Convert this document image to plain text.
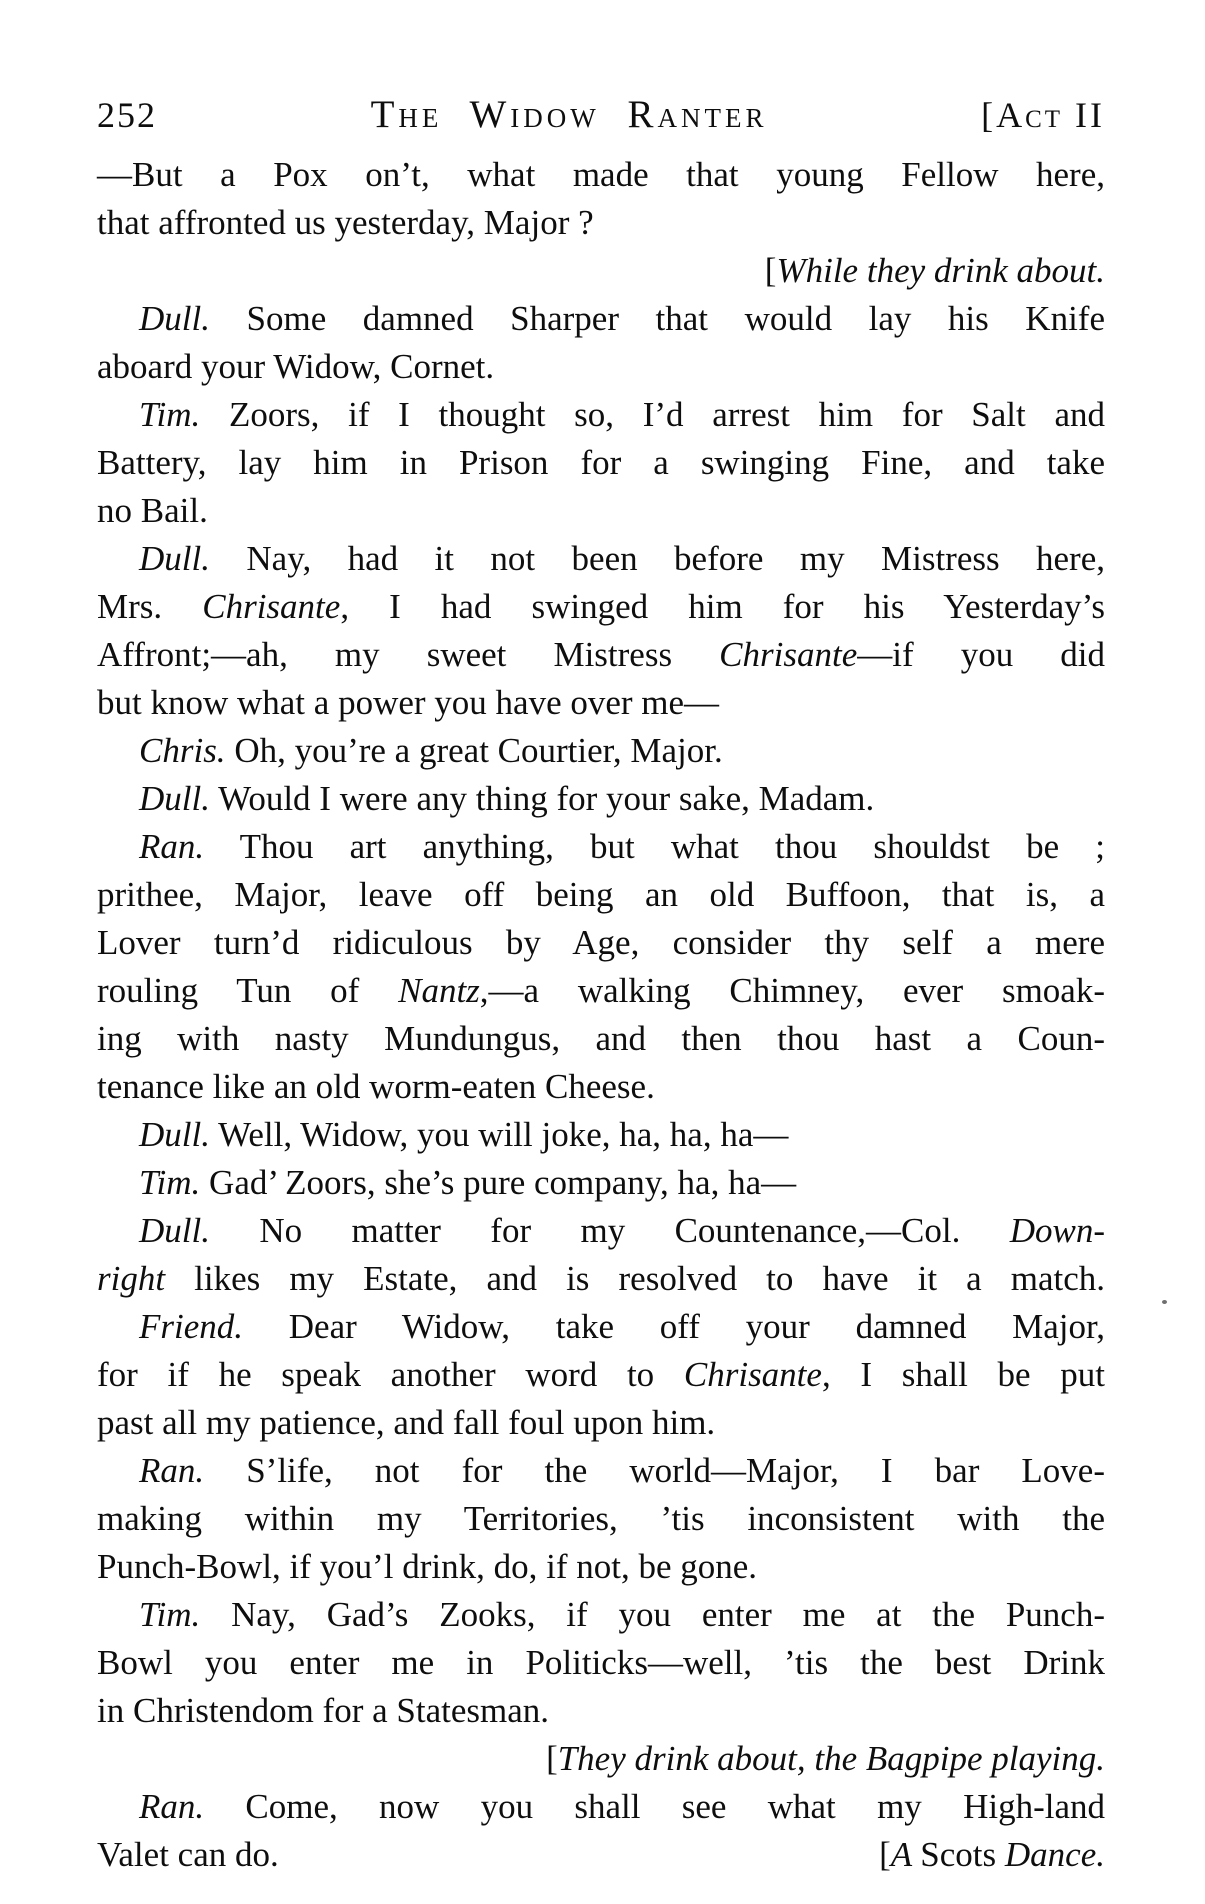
252	The Widow Ranter	[Act II
—But a Pox on’t, what made that young Fellow here,
that affronted us yesterday, Major ?
[While they drink about.
Dull. Some damned Sharper that would lay his Knife
aboard your Widow, Cornet.
Tim. Zoors, if I thought so, I’d arrest him for Salt and
Battery, lay him in Prison for a swinging Fine, and take
no Bail.
Dull. Nay, had it not been before my Mistress here,
Mrs. Chrisante, I had swinged him for his Yesterday’s
Affront;—ah, my sweet Mistress Chrisante—if you did
but know what a power you have over me—
Chris. Oh, you’re a great Courtier, Major.
Dull. Would I were any thing for your sake, Madam.
Ran. Thou art anything, but what thou shouldst be ;
prithee, Major, leave off being an old Buffoon, that is, a
Lover turn’d ridiculous by Age, consider thy self a mere
rouling Tun of Nantz,—a walking Chimney, ever smoak-
ing with nasty Mundungus, and then thou hast a Coun-
tenance like an old worm-eaten Cheese.
Dull. Well, Widow, you will joke, ha, ha, ha—
Tim. Gad’ Zoors, she’s pure company, ha, ha—
Dull. No matter for my Countenance,—Col. Down-
right likes my Estate, and is resolved to have it a match.
Friend. Dear Widow, take off your damned Major,
for if he speak another word to Chrisante, I shall be put
past all my patience, and fall foul upon him.
Ran. S’life, not for the world—Major, I bar Love-
making within my Territories, ’tis inconsistent with the
Punch-Bowl, if you’l drink, do, if not, be gone.
Tim. Nay, Gad’s Zooks, if you enter me at the Punch-
Bowl you enter me in Politicks—well, ’tis the best Drink
in Christendom for a Statesman.
[They drink about, the Bagpipe playing.
Ran. Come, now you shall see what my High-land
Valet can do.	[A Scots Dance.
